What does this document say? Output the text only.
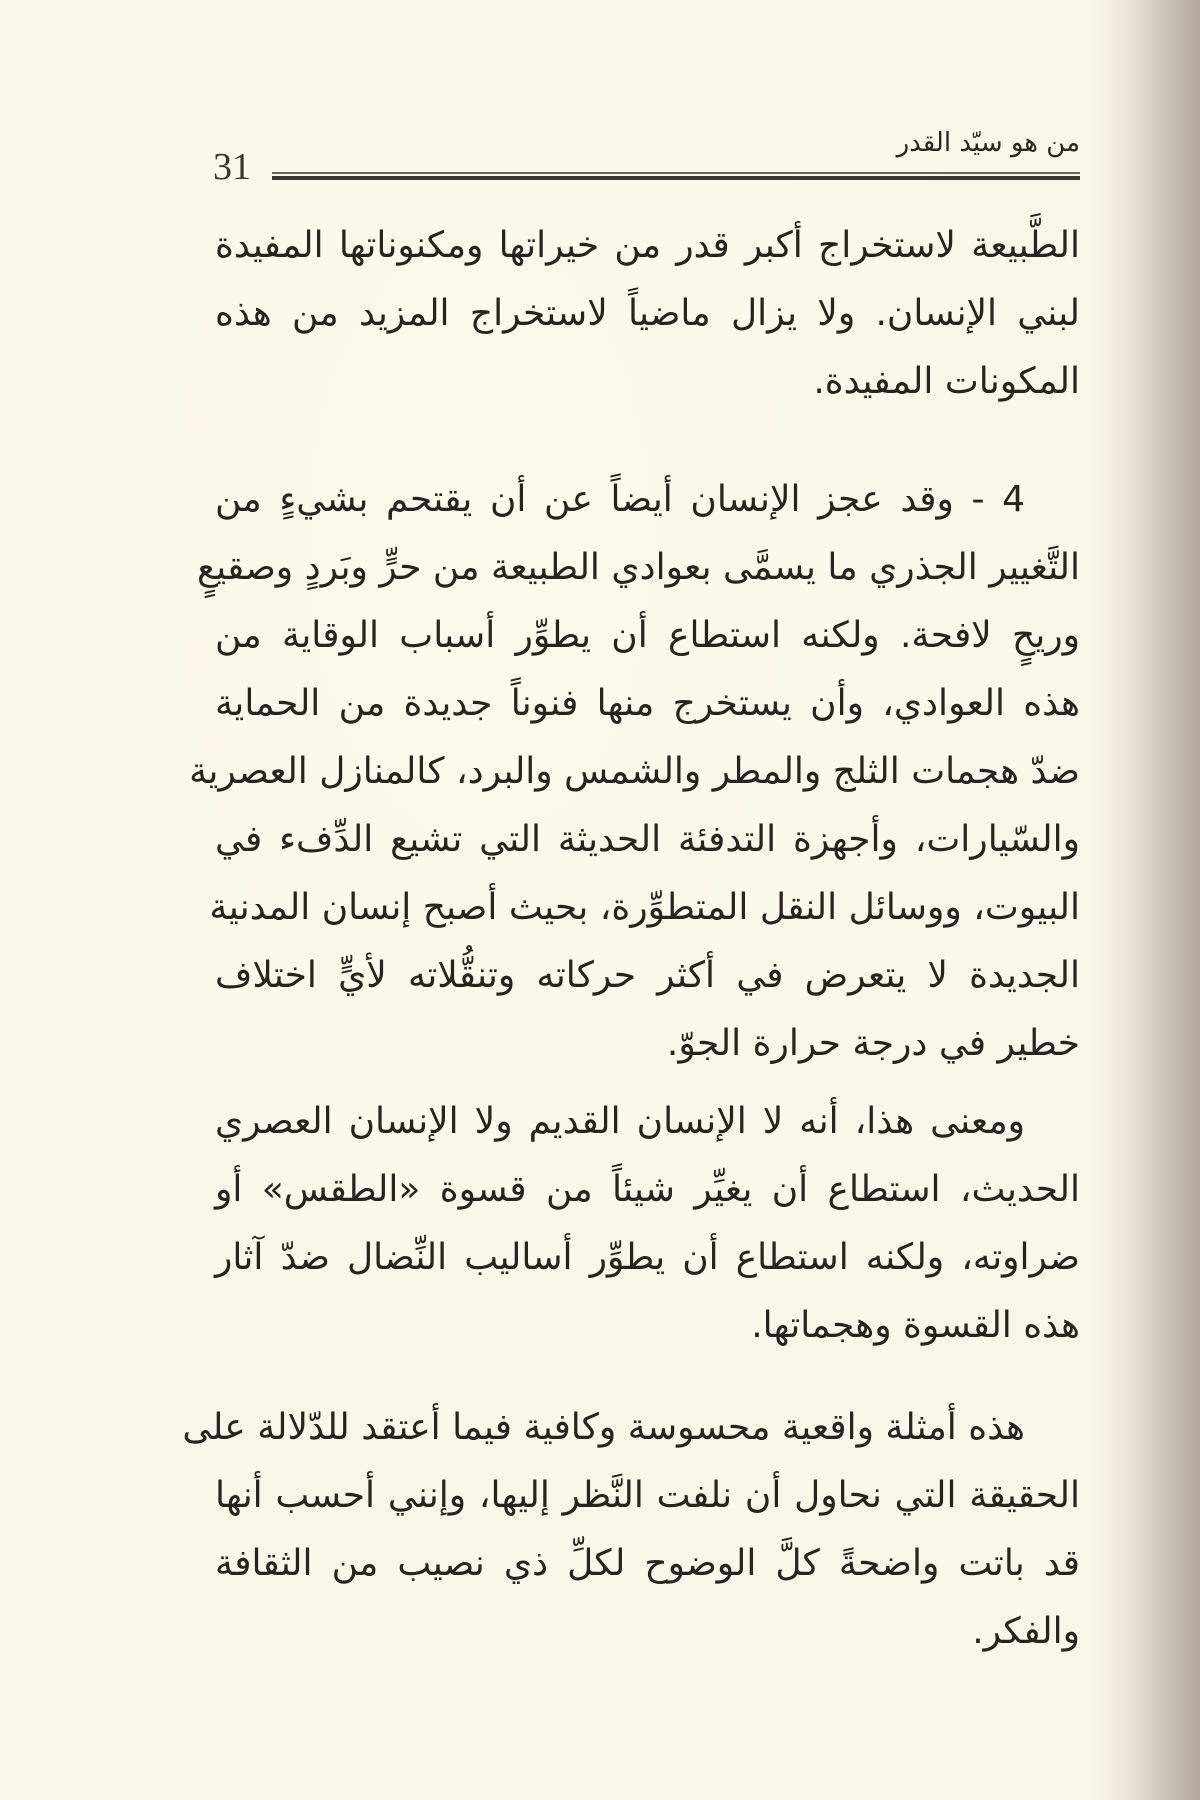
من هو سيّد القدر
31
الطَّبيعة لاستخراج أكبر قدر من خيراتها ومكنوناتها المفيدة
لبني الإنسان. ولا يزال ماضياً لاستخراج المزيد من هذه
المكونات المفيدة.
4 - وقد عجز الإنسان أيضاً عن أن يقتحم بشيءٍ من
التَّغيير الجذري ما يسمَّى بعوادي الطبيعة من حرٍّ وبَردٍ وصقيعٍ
وريحٍ لافحة. ولكنه استطاع أن يطوِّر أسباب الوقاية من
هذه العوادي، وأن يستخرج منها فنوناً جديدة من الحماية
ضدّ هجمات الثلج والمطر والشمس والبرد، كالمنازل العصرية
والسّيارات، وأجهزة التدفئة الحديثة التي تشيع الدِّفء في
البيوت، ووسائل النقل المتطوِّرة، بحيث أصبح إنسان المدنية
الجديدة لا يتعرض في أكثر حركاته وتنقُّلاته لأيٍّ اختلاف
خطير في درجة حرارة الجوّ.
ومعنى هذا، أنه لا الإنسان القديم ولا الإنسان العصري
الحديث، استطاع أن يغيِّر شيئاً من قسوة «الطقس» أو
ضراوته، ولكنه استطاع أن يطوِّر أساليب النِّضال ضدّ آثار
هذه القسوة وهجماتها.
هذه أمثلة واقعية محسوسة وكافية فيما أعتقد للدّلالة على
الحقيقة التي نحاول أن نلفت النَّظر إليها، وإنني أحسب أنها
قد باتت واضحةً كلَّ الوضوح لكلِّ ذي نصيب من الثقافة
والفكر.
